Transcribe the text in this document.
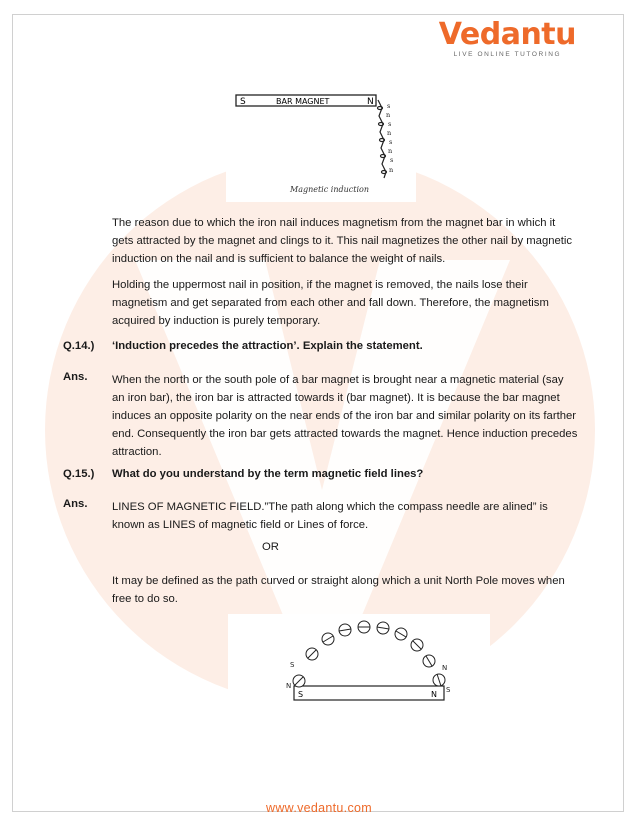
Vedantu
LIVE ONLINE TUTORING
S	BAR MAGNET	N s
n
s
n
s
n
s
n
Magnetic induction

The reason due to which the iron nail induces magnetism from the magnet bar in which it gets attracted by the magnet and clings to it. This nail magnetizes the other nail by magnetic induction on the nail and is sufficient to balance the weight of nails.

Holding the uppermost nail in position, if the magnet is removed, the nails lose their magnetism and get separated from each other and fall down. Therefore, the magnetism acquired by induction is purely temporary.

Q.14.) ‘Induction precedes the attraction’. Explain the statement.
Ans. When the north or the south pole of a bar magnet is brought near a magnetic material (say an iron bar), the iron bar is attracted towards it (bar magnet). It is because the bar magnet induces an opposite polarity on the near ends of the iron bar and similar polarity on its farther end. Consequently the iron bar gets attracted towards the magnet. Hence induction precedes attraction.

Q.15.) What do you understand by the term magnetic field lines?
Ans. LINES OF MAGNETIC FIELD.”The path along which the compass needle are alined” is known as LINES of magnetic field or Lines of force.

OR

It may be defined as the path curved or straight along which a unit North Pole moves when free to do so.

S	N
S
N
N
S
www.vedantu.com
